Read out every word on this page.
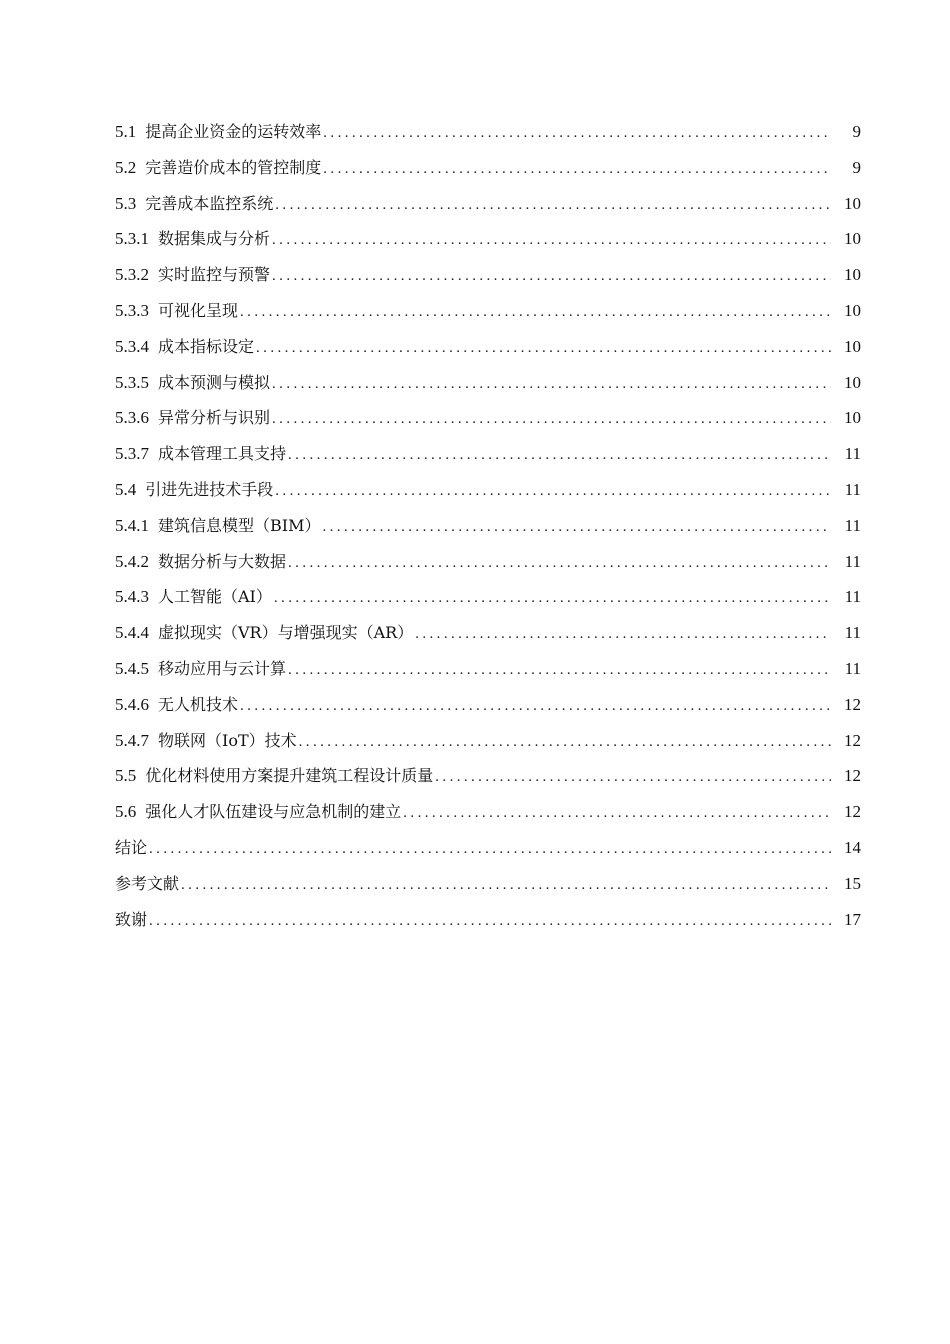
5.1 提高企业资金的运转效率 .....	9
5.2 完善造价成本的管控制度 .....	9
5.3 完善成本监控系统 .....	10
5.3.1 数据集成与分析 .....	10
5.3.2 实时监控与预警 .....	10
5.3.3 可视化呈现 .....	10
5.3.4 成本指标设定 .....	10
5.3.5 成本预测与模拟 .....	10
5.3.6 异常分析与识别 .....	10
5.3.7 成本管理工具支持 .....	11
5.4 引进先进技术手段 .....	11
5.4.1 建筑信息模型（BIM） .....	11
5.4.2 数据分析与大数据 .....	11
5.4.3 人工智能（AI） .....	11
5.4.4 虚拟现实（VR）与增强现实（AR） .....	11
5.4.5 移动应用与云计算 .....	11
5.4.6 无人机技术 .....	12
5.4.7 物联网（IoT）技术 .....	12
5.5 优化材料使用方案提升建筑工程设计质量 .....	12
5.6 强化人才队伍建设与应急机制的建立 .....	12
结论 .....	14
参考文献 .....	15
致谢 .....	17
